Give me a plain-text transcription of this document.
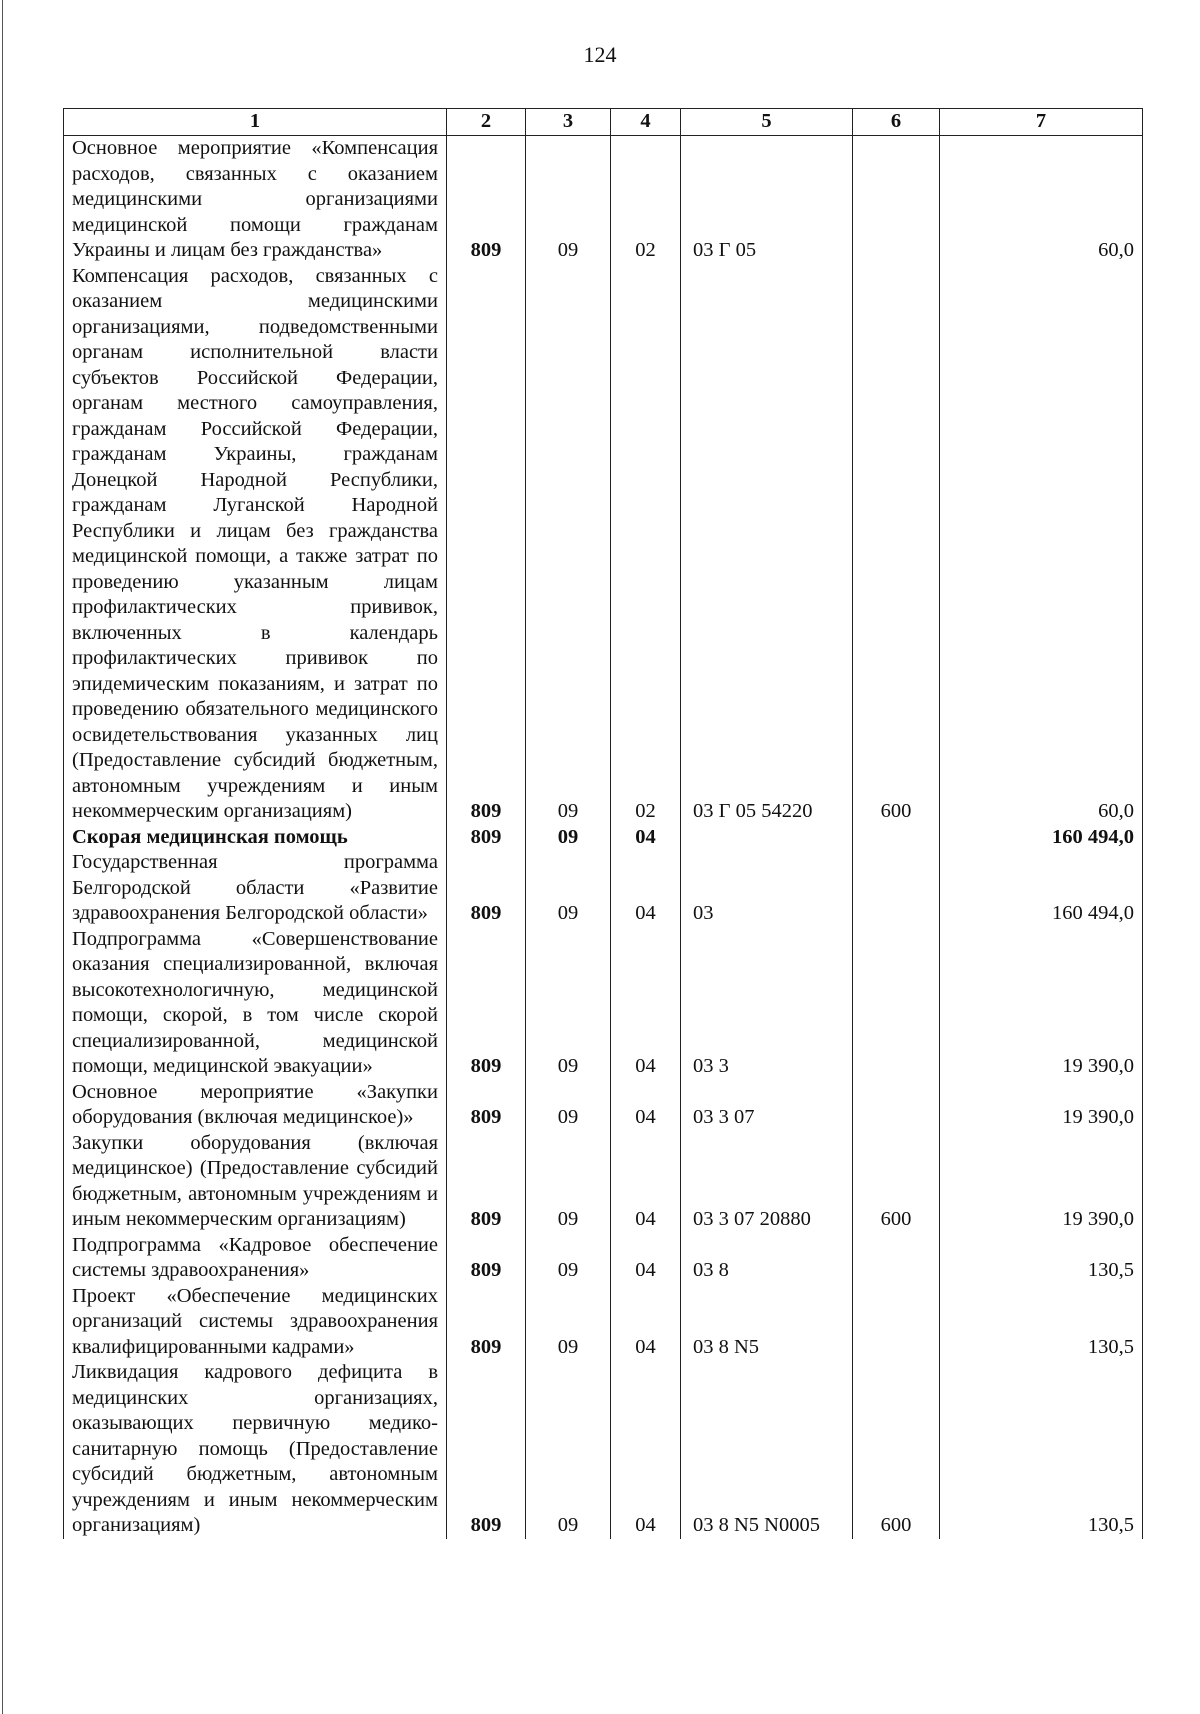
124
1	2	3	4	5	6	7
Основное мероприятие «Компенсация расходов, связанных с оказанием медицинскими организациями медицинской помощи гражданам Украины и лицам без гражданства»	809	09	02	03 Г 05		60,0
Компенсация расходов, связанных с оказанием медицинскими организациями, подведомственными органам исполнительной власти субъектов Российской Федерации, органам местного самоуправления, гражданам Российской Федерации, гражданам Украины, гражданам Донецкой Народной Республики, гражданам Луганской Народной Республики и лицам без гражданства медицинской помощи, а также затрат по проведению указанным лицам профилактических прививок, включенных в календарь профилактических прививок по эпидемическим показаниям, и затрат по проведению обязательного медицинского освидетельствования указанных лиц (Предоставление субсидий бюджетным, автономным учреждениям и иным некоммерческим организациям)	809	09	02	03 Г 05 54220	600	60,0
Скорая медицинская помощь	809	09	04			160 494,0
Государственная программа Белгородской области «Развитие здравоохранения Белгородской области»	809	09	04	03		160 494,0
Подпрограмма «Совершенствование оказания специализированной, включая высокотехнологичную, медицинской помощи, скорой, в том числе скорой специализированной, медицинской помощи, медицинской эвакуации»	809	09	04	03 3		19 390,0
Основное мероприятие «Закупки оборудования (включая медицинское)»	809	09	04	03 3 07		19 390,0
Закупки оборудования (включая медицинское) (Предоставление субсидий бюджетным, автономным учреждениям и иным некоммерческим организациям)	809	09	04	03 3 07 20880	600	19 390,0
Подпрограмма «Кадровое обеспечение системы здравоохранения»	809	09	04	03 8		130,5
Проект «Обеспечение медицинских организаций системы здравоохранения квалифицированными кадрами»	809	09	04	03 8 N5		130,5
Ликвидация кадрового дефицита в медицинских организациях, оказывающих первичную медико-санитарную помощь (Предоставление субсидий бюджетным, автономным учреждениям и иным некоммерческим организациям)	809	09	04	03 8 N5 N0005	600	130,5
